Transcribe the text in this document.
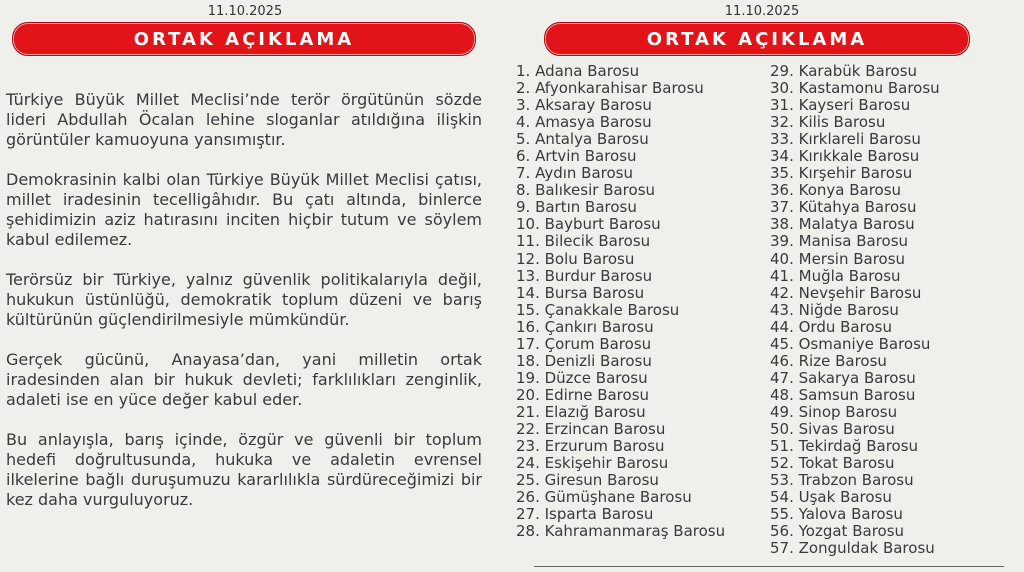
11.10.2025
ORTAK AÇIKLAMA

Türkiye Büyük Millet Meclisi’nde terör örgütünün sözde lideri Abdullah Öcalan lehine sloganlar atıldığına ilişkin görüntüler kamuoyuna yansımıştır.

Demokrasinin kalbi olan Türkiye Büyük Millet Meclisi çatısı, millet iradesinin tecelligâhıdır. Bu çatı altında, binlerce şehidimizin aziz hatırasını inciten hiçbir tutum ve söylem kabul edilemez.

Terörsüz bir Türkiye, yalnız güvenlik politikalarıyla değil, hukukun üstünlüğü, demokratik toplum düzeni ve barış kültürünün güçlendirilmesiyle mümkündür.

Gerçek gücünü, Anayasa’dan, yani milletin ortak iradesinden alan bir hukuk devleti; farklılıkları zenginlik, adaleti ise en yüce değer kabul eder.

Bu anlayışla, barış içinde, özgür ve güvenli bir toplum hedefi doğrultusunda, hukuka ve adaletin evrensel ilkelerine bağlı duruşumuzu kararlılıkla sürdüreceğimizi bir kez daha vurguluyoruz.

11.10.2025
ORTAK AÇIKLAMA
1. Adana Barosu
2. Afyonkarahisar Barosu
3. Aksaray Barosu
4. Amasya Barosu
5. Antalya Barosu
6. Artvin Barosu
7. Aydın Barosu
8. Balıkesir Barosu
9. Bartın Barosu
10. Bayburt Barosu
11. Bilecik Barosu
12. Bolu Barosu
13. Burdur Barosu
14. Bursa Barosu
15. Çanakkale Barosu
16. Çankırı Barosu
17. Çorum Barosu
18. Denizli Barosu
19. Düzce Barosu
20. Edirne Barosu
21. Elazığ Barosu
22. Erzincan Barosu
23. Erzurum Barosu
24. Eskişehir Barosu
25. Giresun Barosu
26. Gümüşhane Barosu
27. Isparta Barosu
28. Kahramanmaraş Barosu
29. Karabük Barosu
30. Kastamonu Barosu
31. Kayseri Barosu
32. Kilis Barosu
33. Kırklareli Barosu
34. Kırıkkale Barosu
35. Kırşehir Barosu
36. Konya Barosu
37. Kütahya Barosu
38. Malatya Barosu
39. Manisa Barosu
40. Mersin Barosu
41. Muğla Barosu
42. Nevşehir Barosu
43. Niğde Barosu
44. Ordu Barosu
45. Osmaniye Barosu
46. Rize Barosu
47. Sakarya Barosu
48. Samsun Barosu
49. Sinop Barosu
50. Sivas Barosu
51. Tekirdağ Barosu
52. Tokat Barosu
53. Trabzon Barosu
54. Uşak Barosu
55. Yalova Barosu
56. Yozgat Barosu
57. Zonguldak Barosu
